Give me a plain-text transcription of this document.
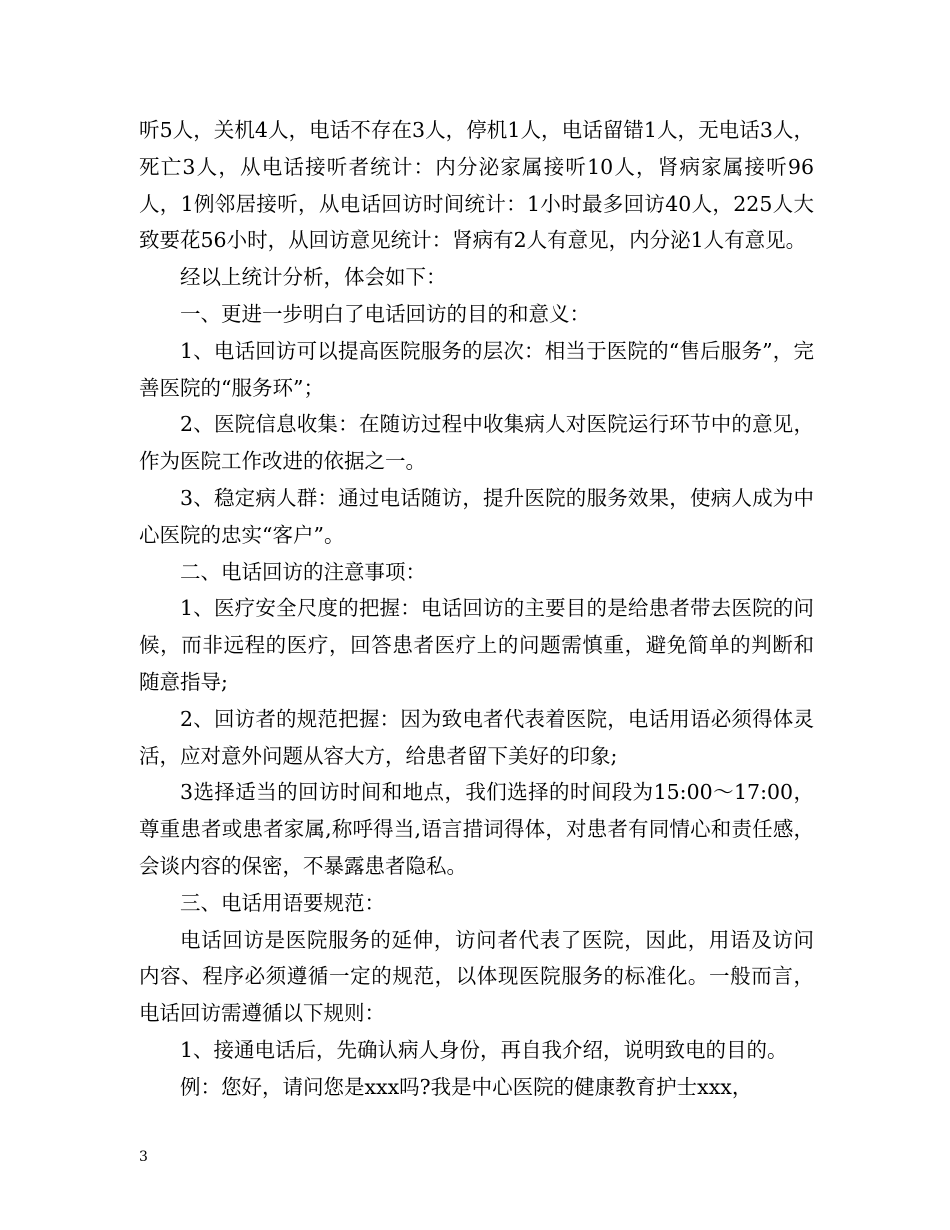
听5人，关机4人，电话不存在3人，停机1人，电话留错1人，无电话3人，死亡3人，从电话接听者统计：内分泌家属接听10人，肾病家属接听96人，1例邻居接听，从电话回访时间统计：1小时最多回访40人，225人大致要花56小时，从回访意见统计：肾病有2人有意见，内分泌1人有意见。

经以上统计分析，体会如下：

一、更进一步明白了电话回访的目的和意义：

1、电话回访可以提高医院服务的层次：相当于医院的“售后服务”，完善医院的“服务环”；

2、医院信息收集：在随访过程中收集病人对医院运行环节中的意见，作为医院工作改进的依据之一。

3、稳定病人群：通过电话随访，提升医院的服务效果，使病人成为中心医院的忠实“客户”。

二、电话回访的注意事项：

1、医疗安全尺度的把握：电话回访的主要目的是给患者带去医院的问候，而非远程的医疗，回答患者医疗上的问题需慎重，避免简单的判断和随意指导;

2、回访者的规范把握：因为致电者代表着医院，电话用语必须得体灵活，应对意外问题从容大方，给患者留下美好的印象;

3选择适当的回访时间和地点，我们选择的时间段为15:00～17:00，尊重患者或患者家属,称呼得当,语言措词得体，对患者有同情心和责任感，会谈内容的保密，不暴露患者隐私。

三、电话用语要规范：

电话回访是医院服务的延伸，访问者代表了医院，因此，用语及访问内容、程序必须遵循一定的规范，以体现医院服务的标准化。一般而言，电话回访需遵循以下规则：

1、接通电话后，先确认病人身份，再自我介绍，说明致电的目的。

例：您好，请问您是xxx吗?我是中心医院的健康教育护士xxx，

3
